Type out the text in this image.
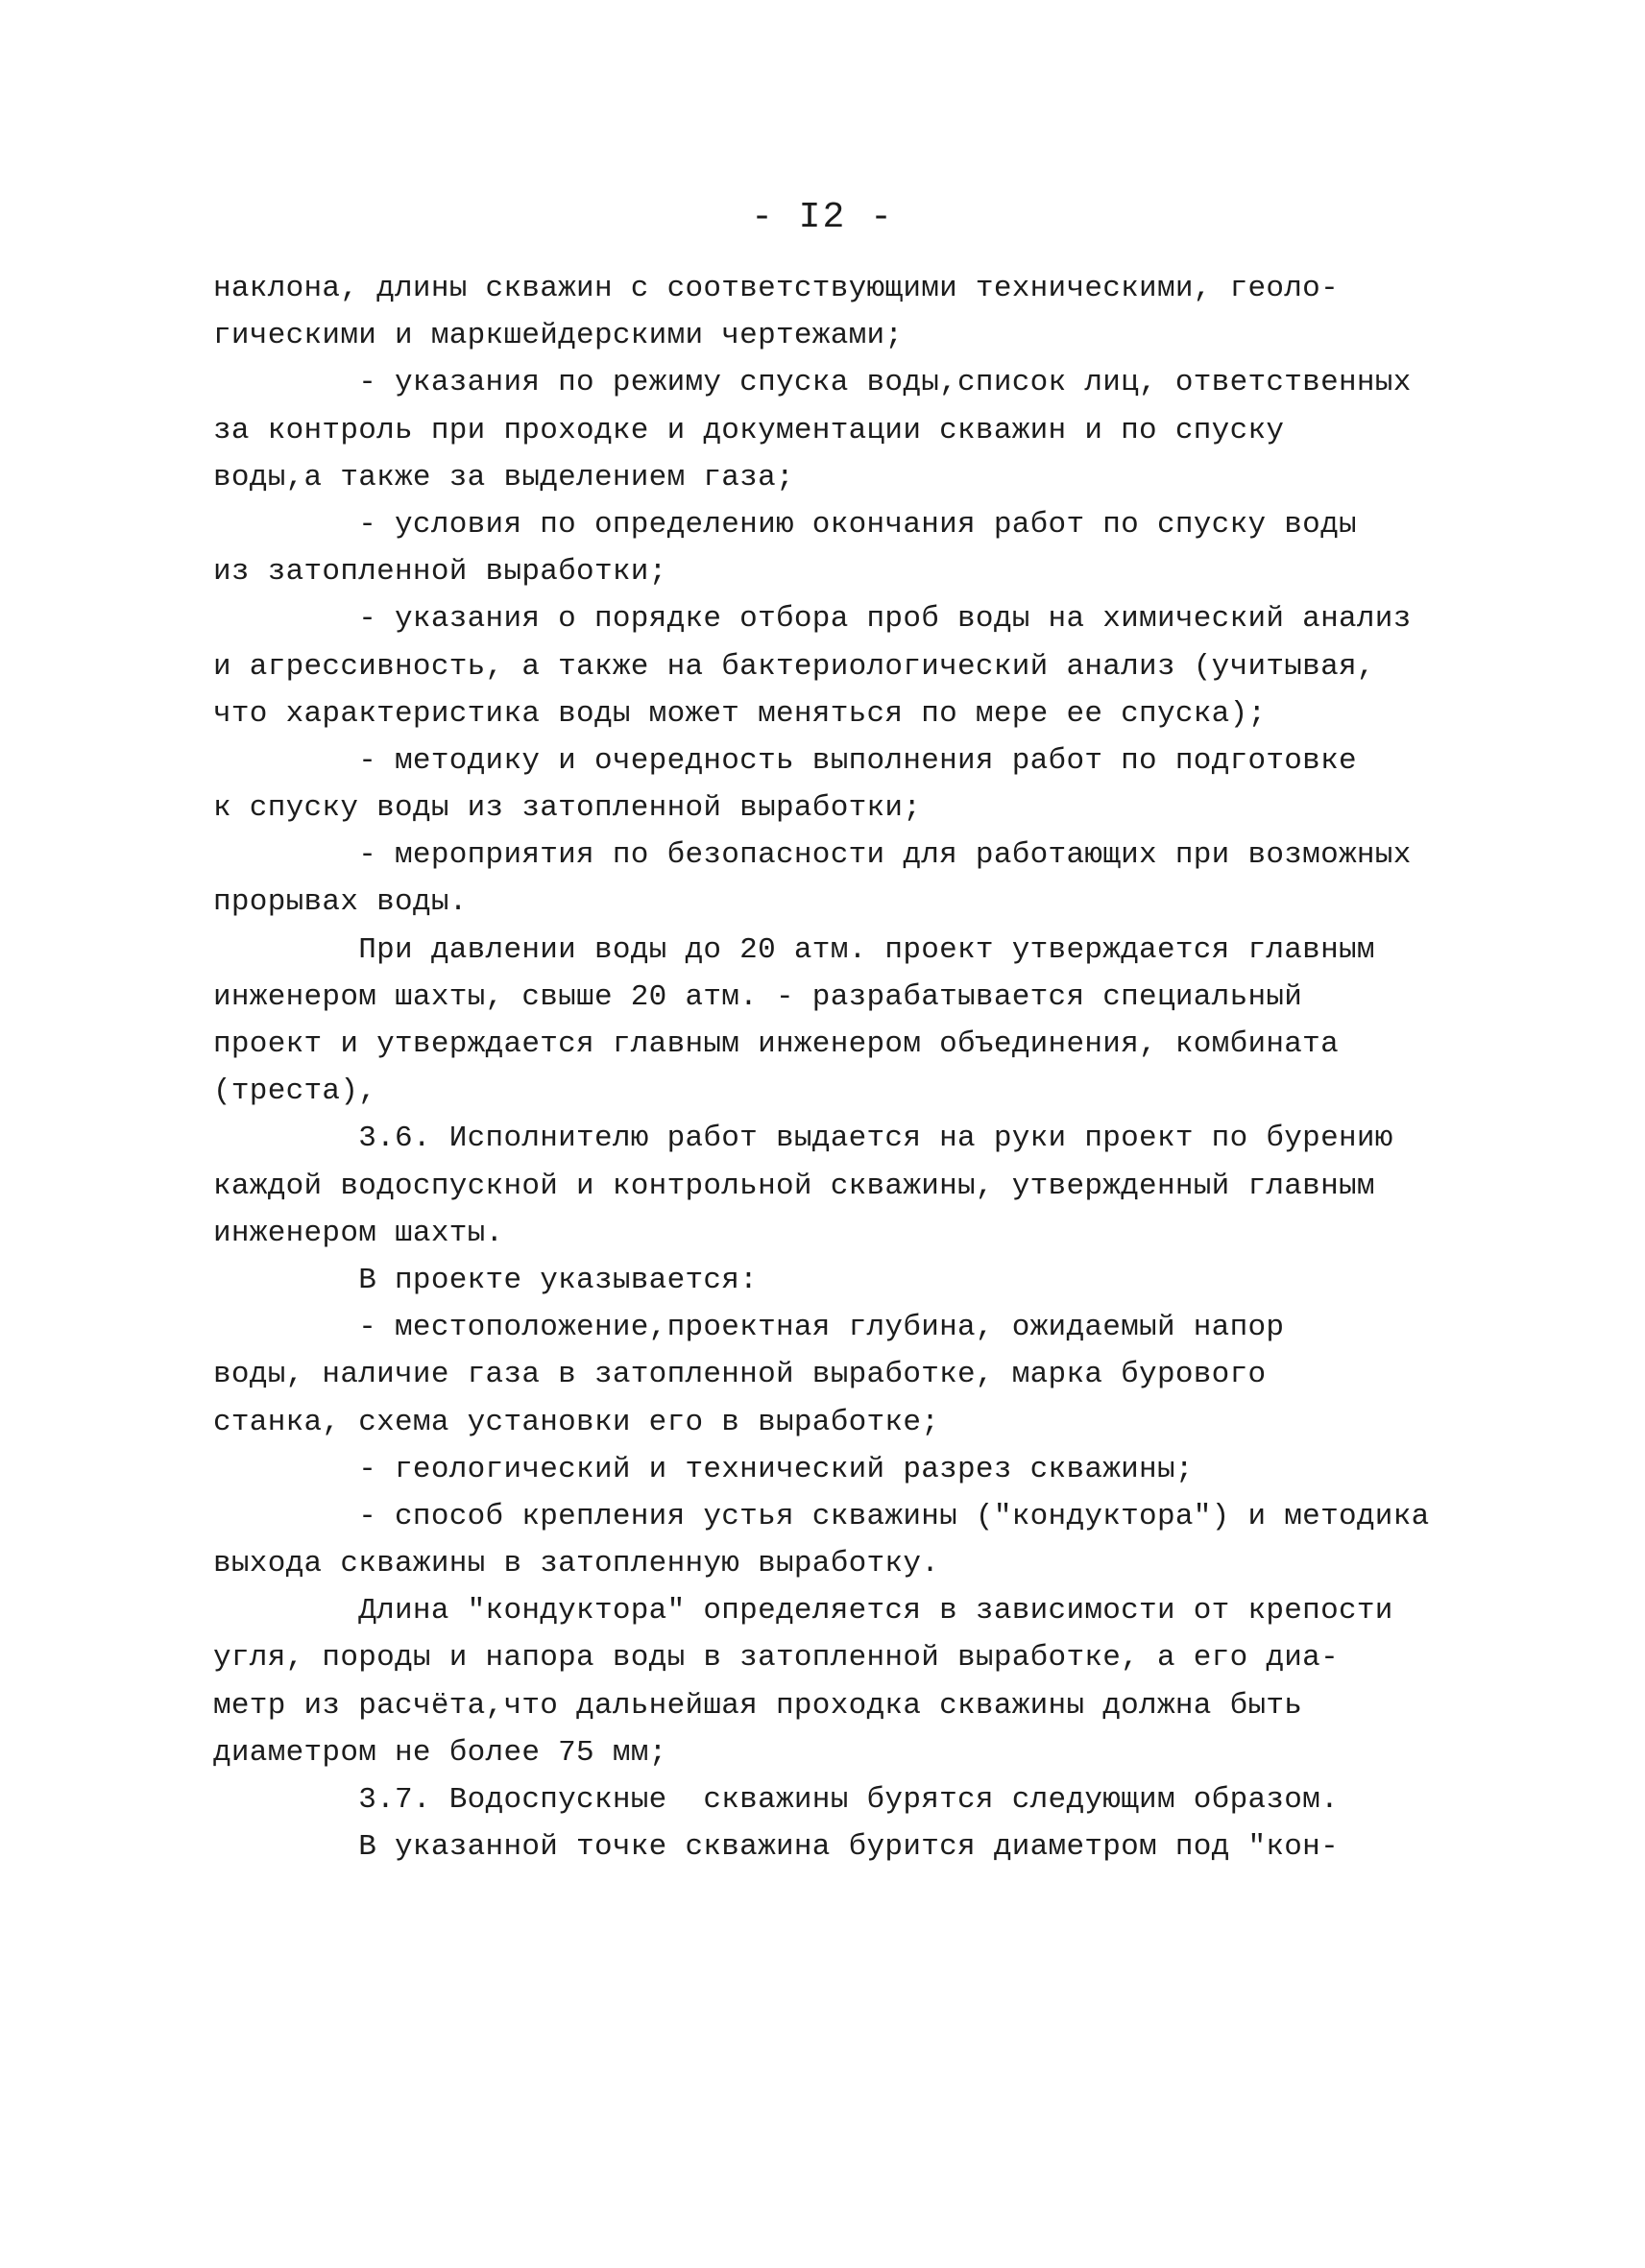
- I2 -
наклона, длины скважин с соответствующими техническими, геоло-
гическими и маркшейдерскими чертежами;
- указания по режиму спуска воды,список лиц, ответственных
за контроль при проходке и документации скважин и по спуску
воды,а также за выделением газа;
- условия по определению окончания работ по спуску воды
из затопленной выработки;
- указания о порядке отбора проб воды на химический анализ
и агрессивность, а также на бактериологический анализ (учитывая,
что характеристика воды может меняться по мере ее спуска);
- методику и очередность выполнения работ по подготовке
к спуску воды из затопленной выработки;
- мероприятия по безопасности для работающих при возможных
прорывах воды.
При давлении воды до 20 атм. проект утверждается главным
инженером шахты, свыше 20 атм. - разрабатывается специальный
проект и утверждается главным инженером объединения, комбината
(треста),
3.6. Исполнителю работ выдается на руки проект по бурению
каждой водоспускной и контрольной скважины, утвержденный главным
инженером шахты.
В проекте указывается:
- местоположение,проектная глубина, ожидаемый напор
воды, наличие газа в затопленной выработке, марка бурового
станка, схема установки его в выработке;
- геологический и технический разрез скважины;
- способ крепления устья скважины ("кондуктора") и методика
выхода скважины в затопленную выработку.
Длина "кондуктора" определяется в зависимости от крепости
угля, породы и напора воды в затопленной выработке, а его диа-
метр из расчёта,что дальнейшая проходка скважины должна быть
диаметром не более 75 мм;
3.7. Водоспускные  скважины бурятся следующим образом.
В указанной точке скважина бурится диаметром под "кон-
